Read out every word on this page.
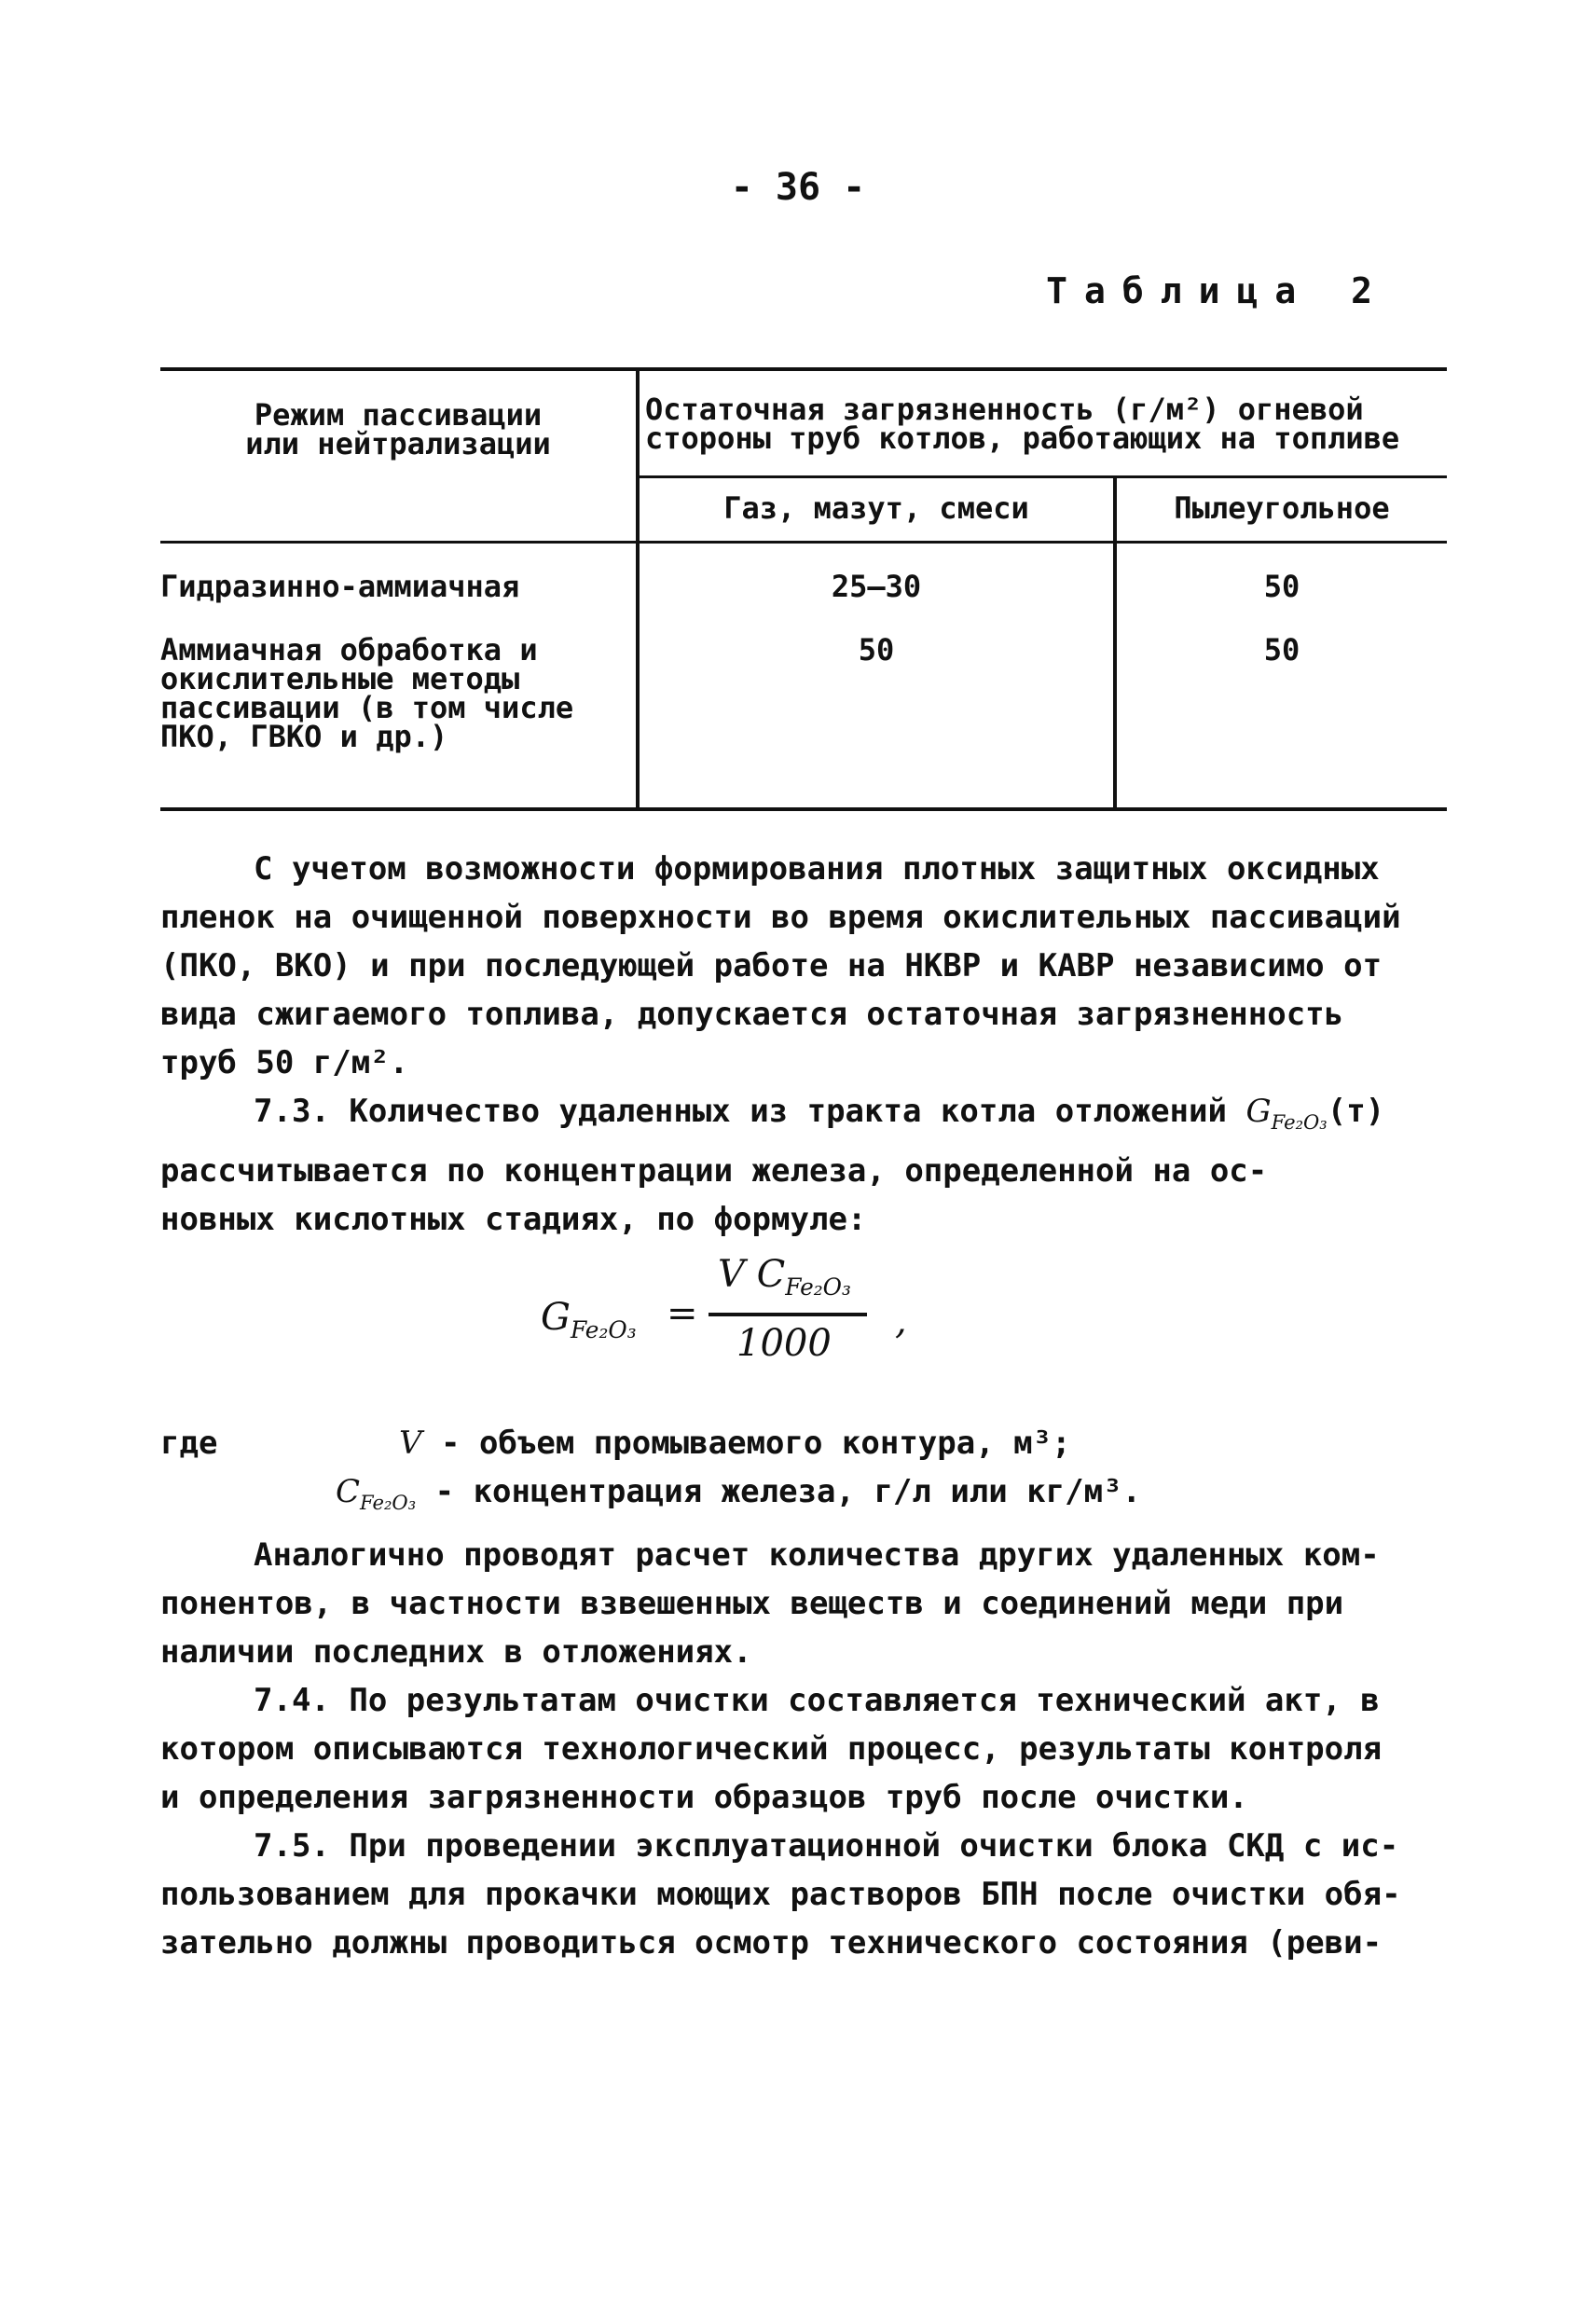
- 36 -
Таблица 2
Режим пассивации
или нейтрализации
Остаточная загрязненность (г/м²) огневой
стороны труб котлов, работающих на топливе
Газ, мазут, смеси	Пылеугольное
Гидразинно-аммиачная	25–30	50
Аммиачная обработка и
окислительные методы
пассивации (в том числе
ПКО, ГВКО и др.)
50	50
С учетом возможности формирования плотных защитных оксидных
пленок на очищенной поверхности во время окислительных пассиваций
(ПКО, ВКО) и при последующей работе на НКВР и КАВР независимо от
вида сжигаемого топлива, допускается остаточная загрязненность
труб 50 г/м².
7.3. Количество удаленных из тракта котла отложений $G_{Fe_2O_3}(т)$
рассчитывается по концентрации железа, определенной на ос-
новных кислотных стадиях, по формуле:
$G_{Fe_2O_3}$ =
V $C_{Fe_2O_3}$
1000
,
где	V - объем промываемого контура, м³;
$C_{Fe_2O_3}$ - концентрация железа, г/л или кг/м³.
Аналогично проводят расчет количества других удаленных ком-
понентов, в частности взвешенных веществ и соединений меди при
наличии последних в отложениях.
7.4. По результатам очистки составляется технический акт, в
котором описываются технологический процесс, результаты контроля
и определения загрязненности образцов труб после очистки.
7.5. При проведении эксплуатационной очистки блока СКД с ис-
пользованием для прокачки моющих растворов БПН после очистки обя-
зательно должны проводиться осмотр технического состояния (реви-
